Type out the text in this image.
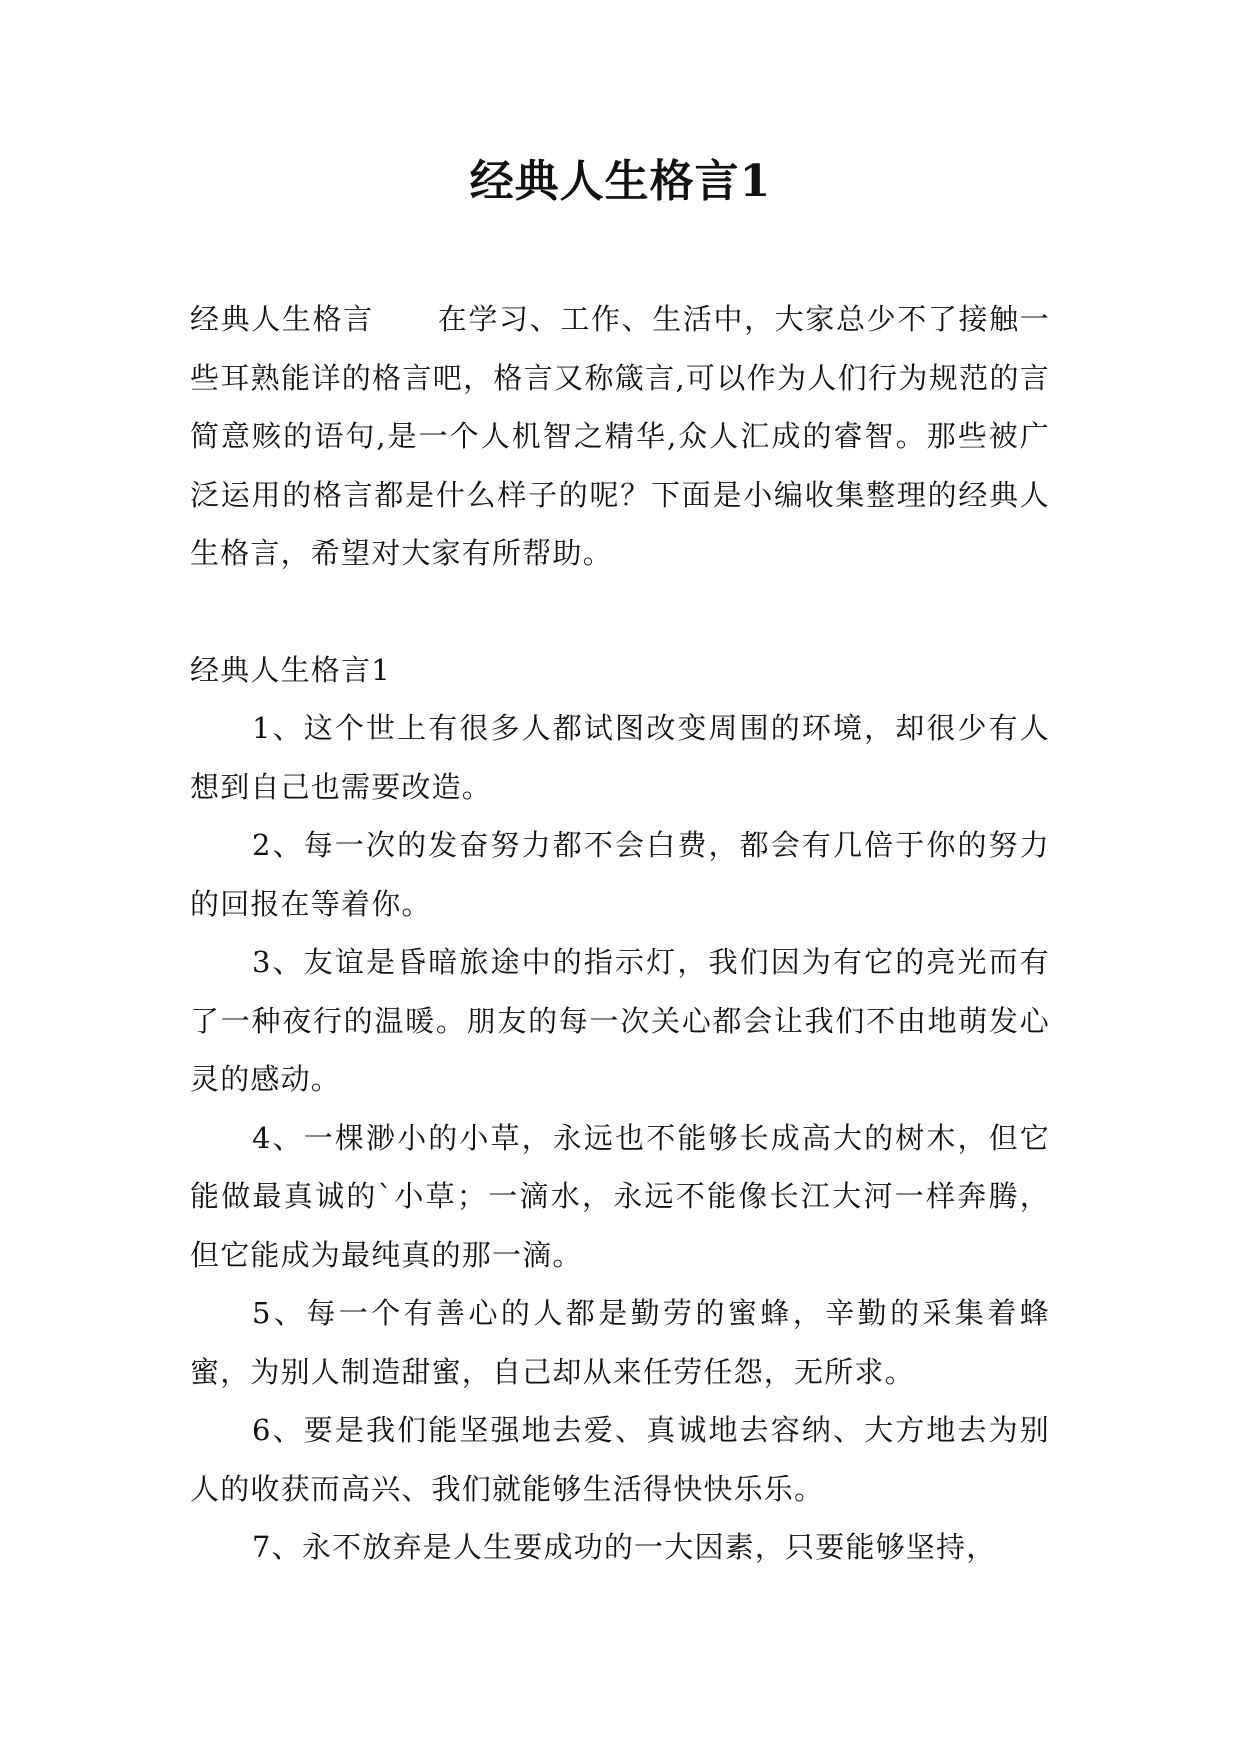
经典人生格言1

经典人生格言 在学习、工作、生活中，大家总少不了接触一些耳熟能详的格言吧，格言又称箴言,可以作为人们行为规范的言简意赅的语句,是一个人机智之精华,众人汇成的睿智。那些被广泛运用的格言都是什么样子的呢？下面是小编收集整理的经典人生格言，希望对大家有所帮助。

经典人生格言1

1、这个世上有很多人都试图改变周围的环境，却很少有人想到自己也需要改造。

2、每一次的发奋努力都不会白费，都会有几倍于你的努力的回报在等着你。

3、友谊是昏暗旅途中的指示灯，我们因为有它的亮光而有了一种夜行的温暖。朋友的每一次关心都会让我们不由地萌发心灵的感动。

4、一棵渺小的小草，永远也不能够长成高大的树木，但它能做最真诚的`小草；一滴水，永远不能像长江大河一样奔腾，但它能成为最纯真的那一滴。

5、每一个有善心的人都是勤劳的蜜蜂，辛勤的采集着蜂蜜，为别人制造甜蜜，自己却从来任劳任怨，无所求。

6、要是我们能坚强地去爱、真诚地去容纳、大方地去为别人的收获而高兴、我们就能够生活得快快乐乐。

7、永不放弃是人生要成功的一大因素，只要能够坚持，
